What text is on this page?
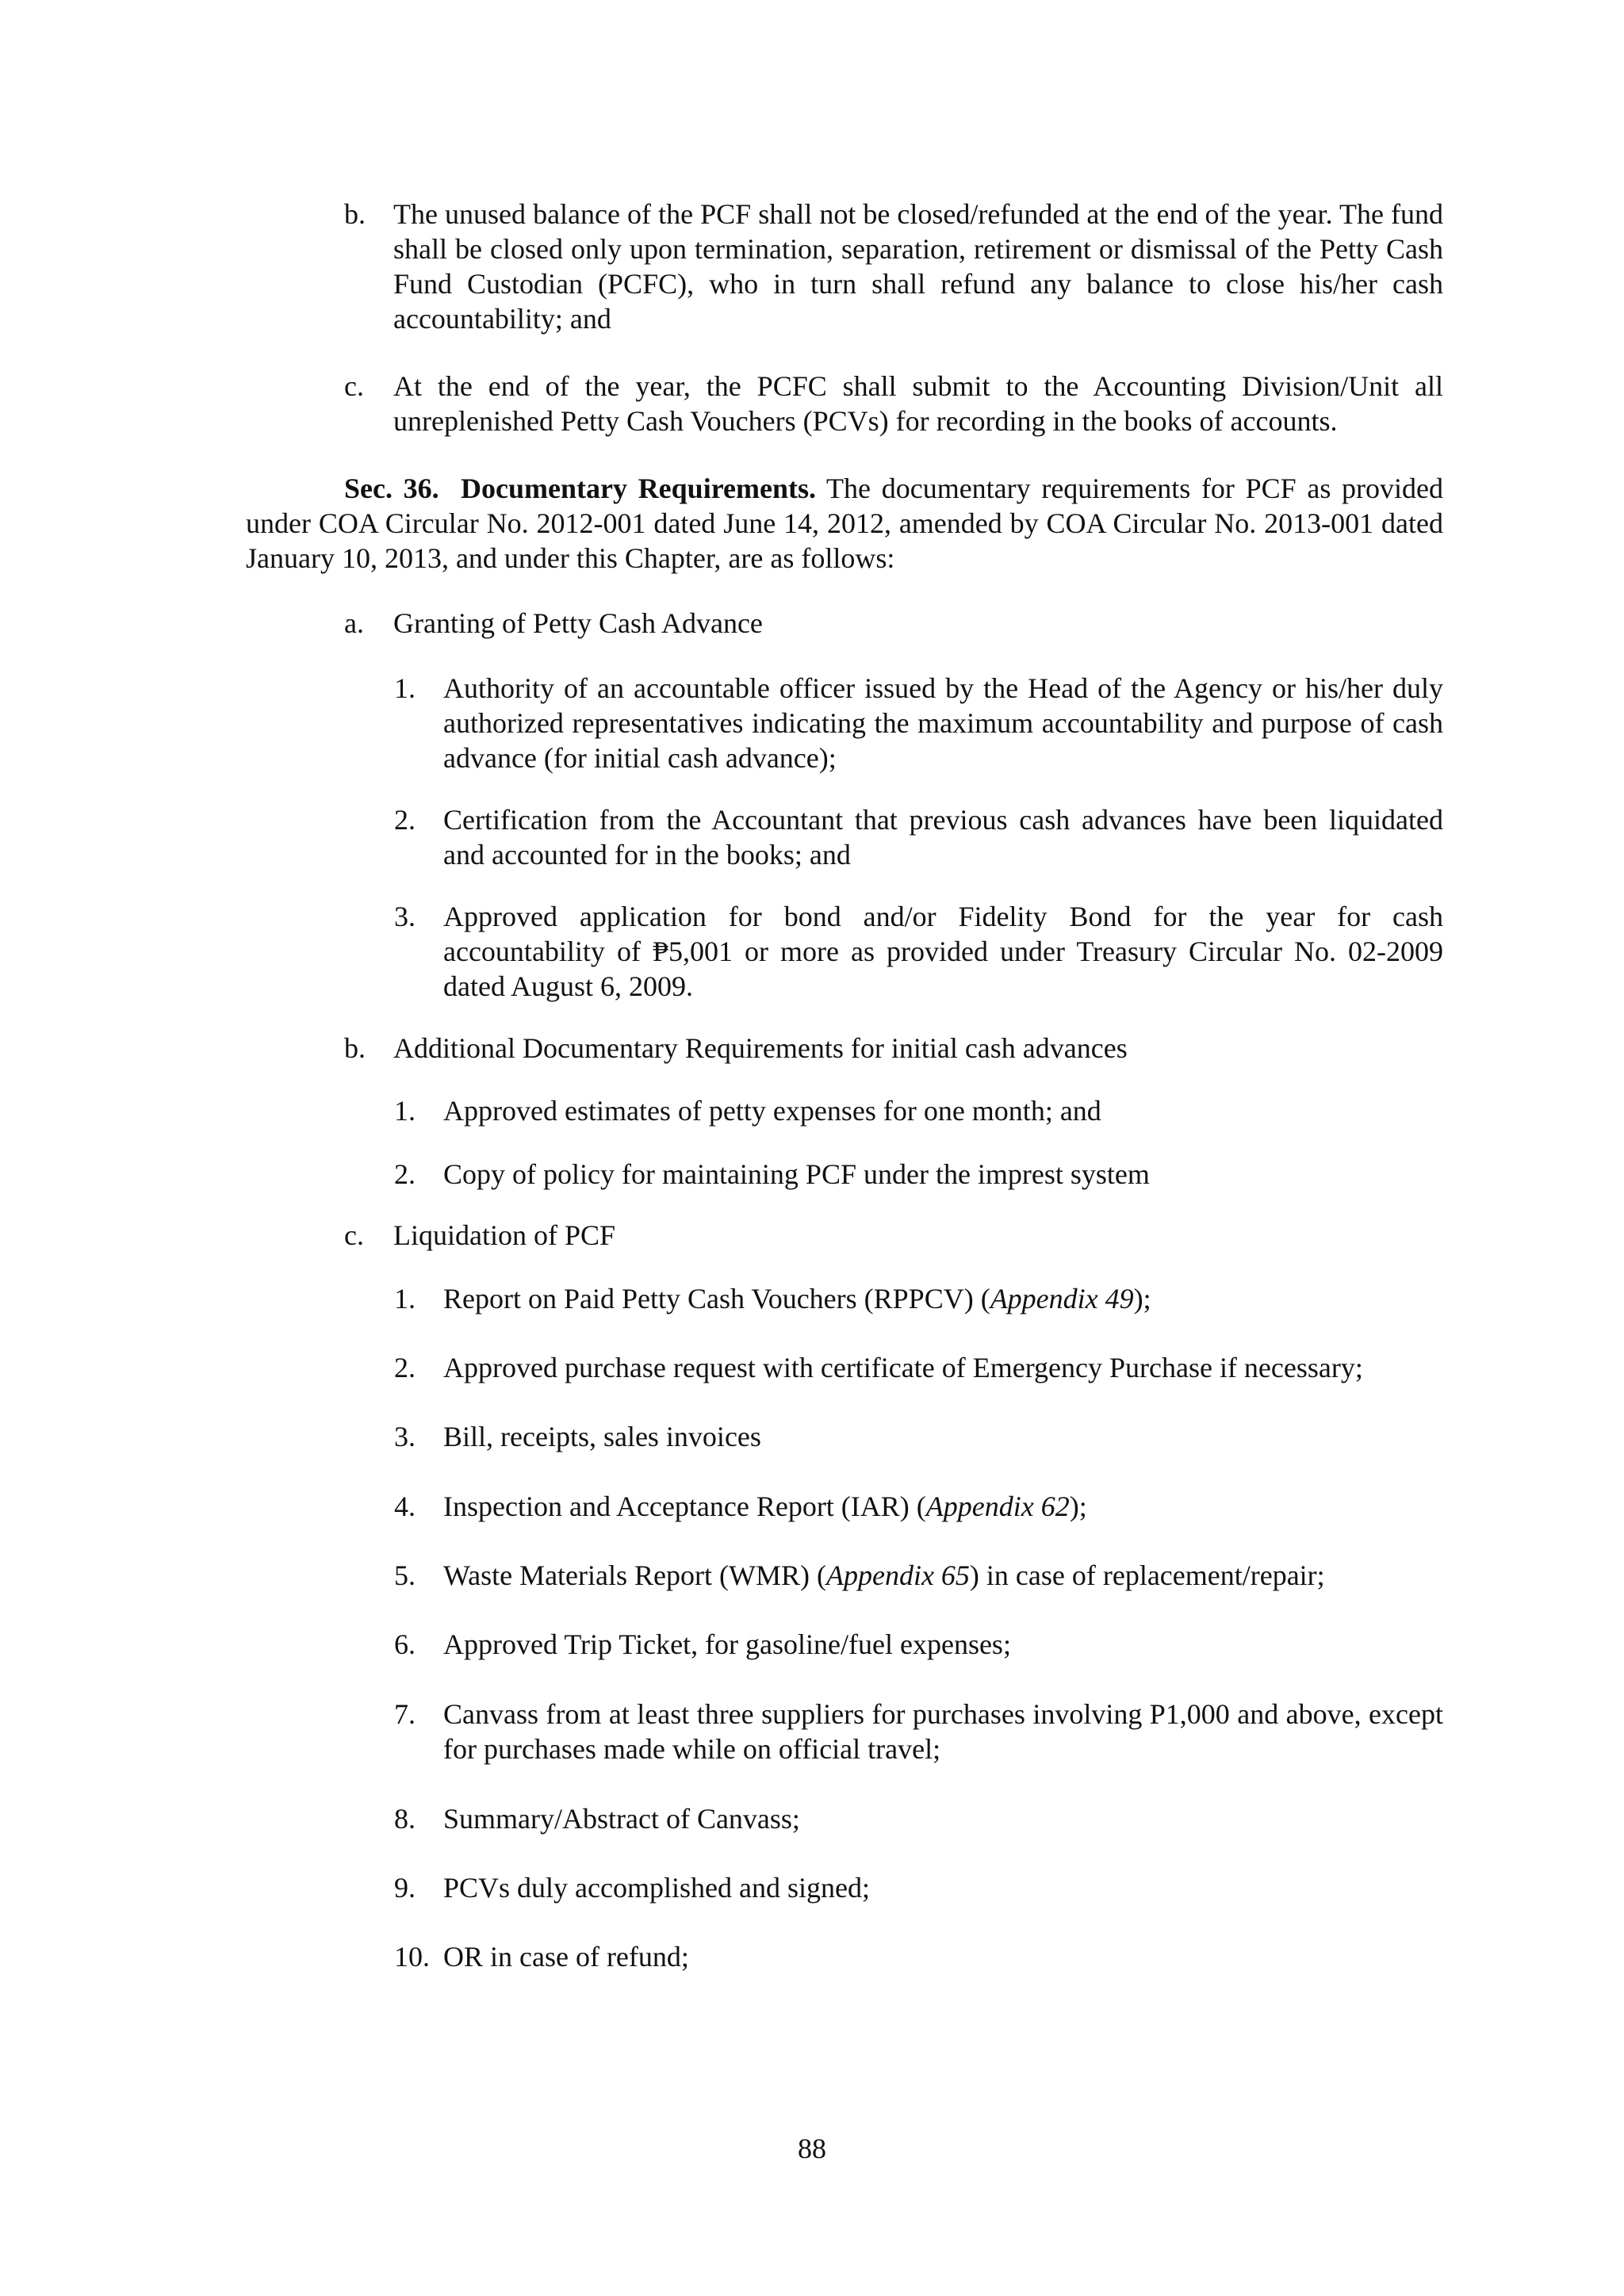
b. The unused balance of the PCF shall not be closed/refunded at the end of the year. The fund shall be closed only upon termination, separation, retirement or dismissal of the Petty Cash Fund Custodian (PCFC), who in turn shall refund any balance to close his/her cash accountability; and
c.	At the end of the year, the PCFC shall submit to the Accounting Division/Unit all unreplenished Petty Cash Vouchers (PCVs) for recording in the books of accounts.
Sec. 36. Documentary Requirements. The documentary requirements for PCF as provided under COA Circular No. 2012-001 dated June 14, 2012, amended by COA Circular No. 2013-001 dated January 10, 2013, and under this Chapter, are as follows:
a.	Granting of Petty Cash Advance
1. Authority of an accountable officer issued by the Head of the Agency or his/her duly authorized representatives indicating the maximum accountability and purpose of cash advance (for initial cash advance);
2. Certification from the Accountant that previous cash advances have been liquidated and accounted for in the books; and
3. Approved application for bond and/or Fidelity Bond for the year for cash accountability of ₱5,001 or more as provided under Treasury Circular No. 02-2009 dated August 6, 2009.
b. Additional Documentary Requirements for initial cash advances
1. Approved estimates of petty expenses for one month; and
2. Copy of policy for maintaining PCF under the imprest system
c.	Liquidation of PCF
1. Report on Paid Petty Cash Vouchers (RPPCV) (Appendix 49);
2. Approved purchase request with certificate of Emergency Purchase if necessary;
3. Bill, receipts, sales invoices
4. Inspection and Acceptance Report (IAR) (Appendix 62);
5. Waste Materials Report (WMR) (Appendix 65) in case of replacement/repair;
6. Approved Trip Ticket, for gasoline/fuel expenses;
7. Canvass from at least three suppliers for purchases involving P1,000 and above, except for purchases made while on official travel;
8. Summary/Abstract of Canvass;
9. PCVs duly accomplished and signed;
10. OR in case of refund;
88
